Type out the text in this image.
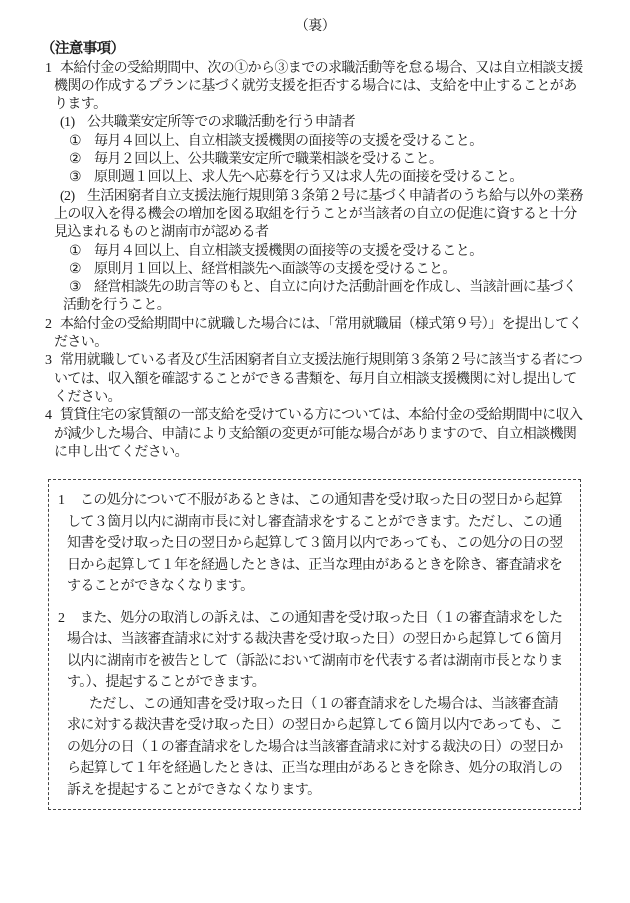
（裏）
（注意事項）
1 本給付金の受給期間中、次の①から③までの求職活動等を怠る場合、又は自立相談支援機関の作成するプランに基づく就労支援を拒否する場合には、支給を中止することがあります。
(1) 公共職業安定所等での求職活動を行う申請者
① 毎月４回以上、自立相談支援機関の面接等の支援を受けること。
② 毎月２回以上、公共職業安定所で職業相談を受けること。
③ 原則週１回以上、求人先へ応募を行う又は求人先の面接を受けること。
(2) 生活困窮者自立支援法施行規則第３条第２号に基づく申請者のうち給与以外の業務上の収入を得る機会の増加を図る取組を行うことが当該者の自立の促進に資すると十分見込まれるものと湖南市が認める者
① 毎月４回以上、自立相談支援機関の面接等の支援を受けること。
② 原則月１回以上、経営相談先へ面談等の支援を受けること。
③ 経営相談先の助言等のもと、自立に向けた活動計画を作成し、当該計画に基づく活動を行うこと。
2 本給付金の受給期間中に就職した場合には、「常用就職届（様式第９号）」を提出してください。
3 常用就職している者及び生活困窮者自立支援法施行規則第３条第２号に該当する者については、収入額を確認することができる書類を、毎月自立相談支援機関に対し提出してください。
4 賃貸住宅の家賃額の一部支給を受けている方については、本給付金の受給期間中に収入が減少した場合、申請により支給額の変更が可能な場合がありますので、自立相談機関に申し出てください。
1 この処分について不服があるときは、この通知書を受け取った日の翌日から起算して３箇月以内に湖南市長に対し審査請求をすることができます。ただし、この通知書を受け取った日の翌日から起算して３箇月以内であっても、この処分の日の翌日から起算して１年を経過したときは、正当な理由があるときを除き、審査請求をすることができなくなります。
2 また、処分の取消しの訴えは、この通知書を受け取った日（１の審査請求をした場合は、当該審査請求に対する裁決書を受け取った日）の翌日から起算して６箇月以内に湖南市を被告として（訴訟において湖南市を代表する者は湖南市長となります。）、提起することができます。

ただし、この通知書を受け取った日（１の審査請求をした場合は、当該審査請求に対する裁決書を受け取った日）の翌日から起算して６箇月以内であっても、この処分の日（１の審査請求をした場合は当該審査請求に対する裁決の日）の翌日から起算して１年を経過したときは、正当な理由があるときを除き、処分の取消しの訴えを提起することができなくなります。
